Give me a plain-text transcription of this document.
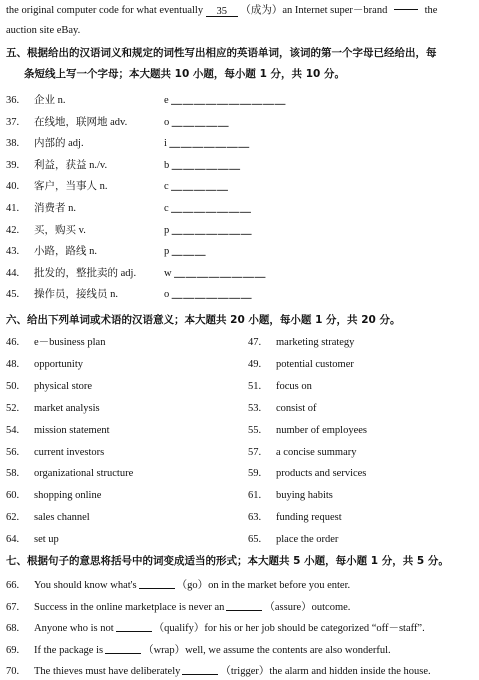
the original computer code for what eventually 35 （成为）an Internet super－brand	the
auction site eBay.
五、根据给出的汉语词义和规定的词性写出相应的英语单词，该词的第一个字母已经给出，每
条短线上写一个字母；本大题共 10 小题，每小题 1 分，共 10 分。
36. 企业 n.	e ＿＿＿＿＿＿＿＿＿＿
37. 在线地，联网地 adv.	o ＿＿＿＿＿
38. 内部的 adj.	i ＿＿＿＿＿＿＿
39. 利益，获益 n./v.	b ＿＿＿＿＿＿
40. 客户，当事人 n.	c ＿＿＿＿＿
41. 消费者 n.	c ＿＿＿＿＿＿＿
42. 买，购买 v.	p ＿＿＿＿＿＿＿
43. 小路，路线 n.	p ＿＿＿
44. 批发的，整批卖的 adj.	w ＿＿＿＿＿＿＿＿
45. 操作员，接线员 n.	o ＿＿＿＿＿＿＿
六、给出下列单词或术语的汉语意义；本大题共 20 小题，每小题 1 分，共 20 分。
46. e－business plan	47. marketing strategy
48. opportunity	49. potential customer
50. physical store	51. focus on
52. market analysis	53. consist of
54. mission statement	55. number of employees
56. current investors	57. a concise summary
58. organizational structure	59. products and services
60. shopping online	61. buying habits
62. sales channel	63. funding request
64. set up	65. place the order
七、根据句子的意思将括号中的词变成适当的形式；本大题共 5 小题，每小题 1 分，共 5 分。
66. You should know what's	（go）on in the market before you enter.
67. Success in the online marketplace is never an	（assure）outcome.
68. Anyone who is not	（qualify）for his or her job should be categorized “off－staff”.
69. If the package is	（wrap）well, we assume the contents are also wonderful.
70. The thieves must have deliberately	（trigger）the alarm and hidden inside the house.
